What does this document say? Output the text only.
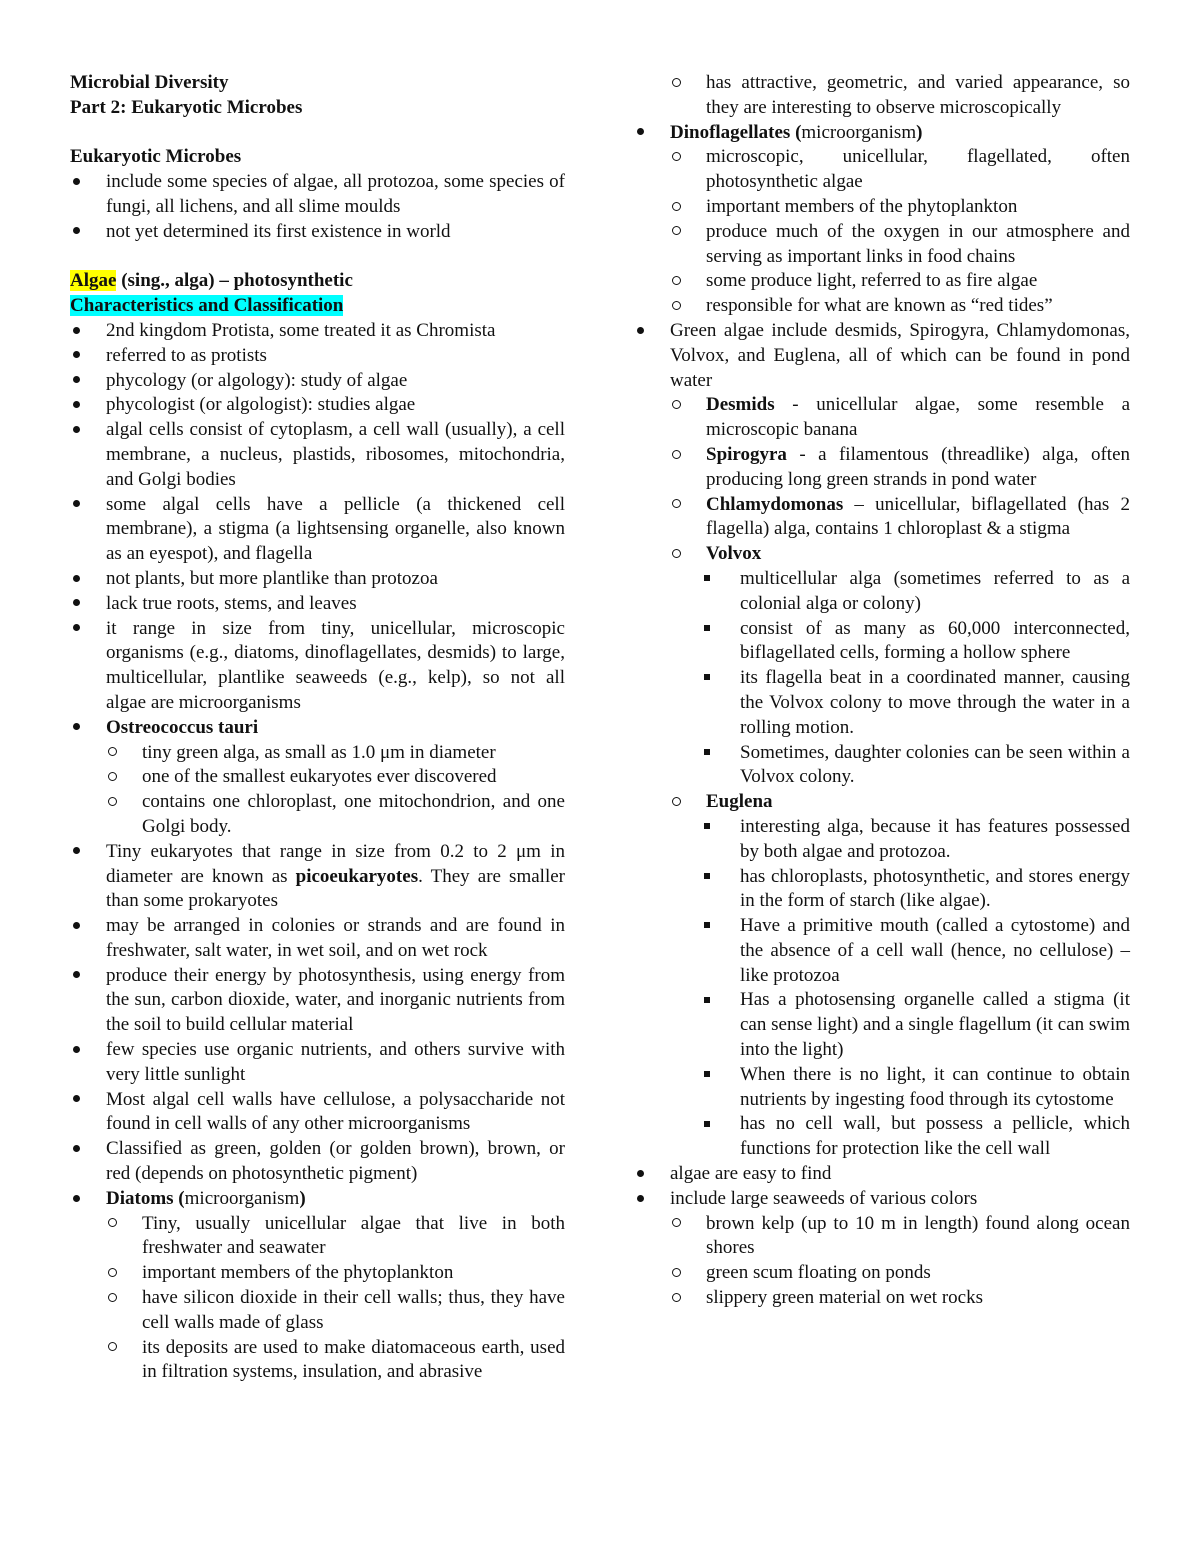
Microbial Diversity
Part 2: Eukaryotic Microbes
Eukaryotic Microbes
include some species of algae, all protozoa, some species of fungi, all lichens, and all slime moulds
not yet determined its first existence in world
Algae (sing., alga) – photosynthetic
Characteristics and Classification
2nd kingdom Protista, some treated it as Chromista
referred to as protists
phycology (or algology): study of algae
phycologist (or algologist): studies algae
algal cells consist of cytoplasm, a cell wall (usually), a cell membrane, a nucleus, plastids, ribosomes, mitochondria, and Golgi bodies
some algal cells have a pellicle (a thickened cell membrane), a stigma (a lightsensing organelle, also known as an eyespot), and flagella
not plants, but more plantlike than protozoa
lack true roots, stems, and leaves
it range in size from tiny, unicellular, microscopic organisms (e.g., diatoms, dinoflagellates, desmids) to large, multicellular, plantlike seaweeds (e.g., kelp), so not all algae are microorganisms
Ostreococcus tauri
tiny green alga, as small as 1.0 μm in diameter
one of the smallest eukaryotes ever discovered
contains one chloroplast, one mitochondrion, and one Golgi body.
Tiny eukaryotes that range in size from 0.2 to 2 μm in diameter are known as picoeukaryotes. They are smaller than some prokaryotes
may be arranged in colonies or strands and are found in freshwater, salt water, in wet soil, and on wet rock
produce their energy by photosynthesis, using energy from the sun, carbon dioxide, water, and inorganic nutrients from the soil to build cellular material
few species use organic nutrients, and others survive with very little sunlight
Most algal cell walls have cellulose, a polysaccharide not found in cell walls of any other microorganisms
Classified as green, golden (or golden brown), brown, or red (depends on photosynthetic pigment)
Diatoms (microorganism)
Tiny, usually unicellular algae that live in both freshwater and seawater
important members of the phytoplankton
have silicon dioxide in their cell walls; thus, they have cell walls made of glass
its deposits are used to make diatomaceous earth, used in filtration systems, insulation, and abrasive
has attractive, geometric, and varied appearance, so they are interesting to observe microscopically
Dinoflagellates (microorganism)
microscopic, unicellular, flagellated, often photosynthetic algae
important members of the phytoplankton
produce much of the oxygen in our atmosphere and serving as important links in food chains
some produce light, referred to as fire algae
responsible for what are known as “red tides”
Green algae include desmids, Spirogyra, Chlamydomonas, Volvox, and Euglena, all of which can be found in pond water
Desmids - unicellular algae, some resemble a microscopic banana
Spirogyra - a filamentous (threadlike) alga, often producing long green strands in pond water
Chlamydomonas – unicellular, biflagellated (has 2 flagella) alga, contains 1 chloroplast & a stigma
Volvox
multicellular alga (sometimes referred to as a colonial alga or colony)
consist of as many as 60,000 interconnected, biflagellated cells, forming a hollow sphere
its flagella beat in a coordinated manner, causing the Volvox colony to move through the water in a rolling motion.
Sometimes, daughter colonies can be seen within a Volvox colony.
Euglena
interesting alga, because it has features possessed by both algae and protozoa.
has chloroplasts, photosynthetic, and stores energy in the form of starch (like algae).
Have a primitive mouth (called a cytostome) and the absence of a cell wall (hence, no cellulose) – like protozoa
Has a photosensing organelle called a stigma (it can sense light) and a single flagellum (it can swim into the light)
When there is no light, it can continue to obtain nutrients by ingesting food through its cytostome
has no cell wall, but possess a pellicle, which functions for protection like the cell wall
algae are easy to find
include large seaweeds of various colors
brown kelp (up to 10 m in length) found along ocean shores
green scum floating on ponds
slippery green material on wet rocks
